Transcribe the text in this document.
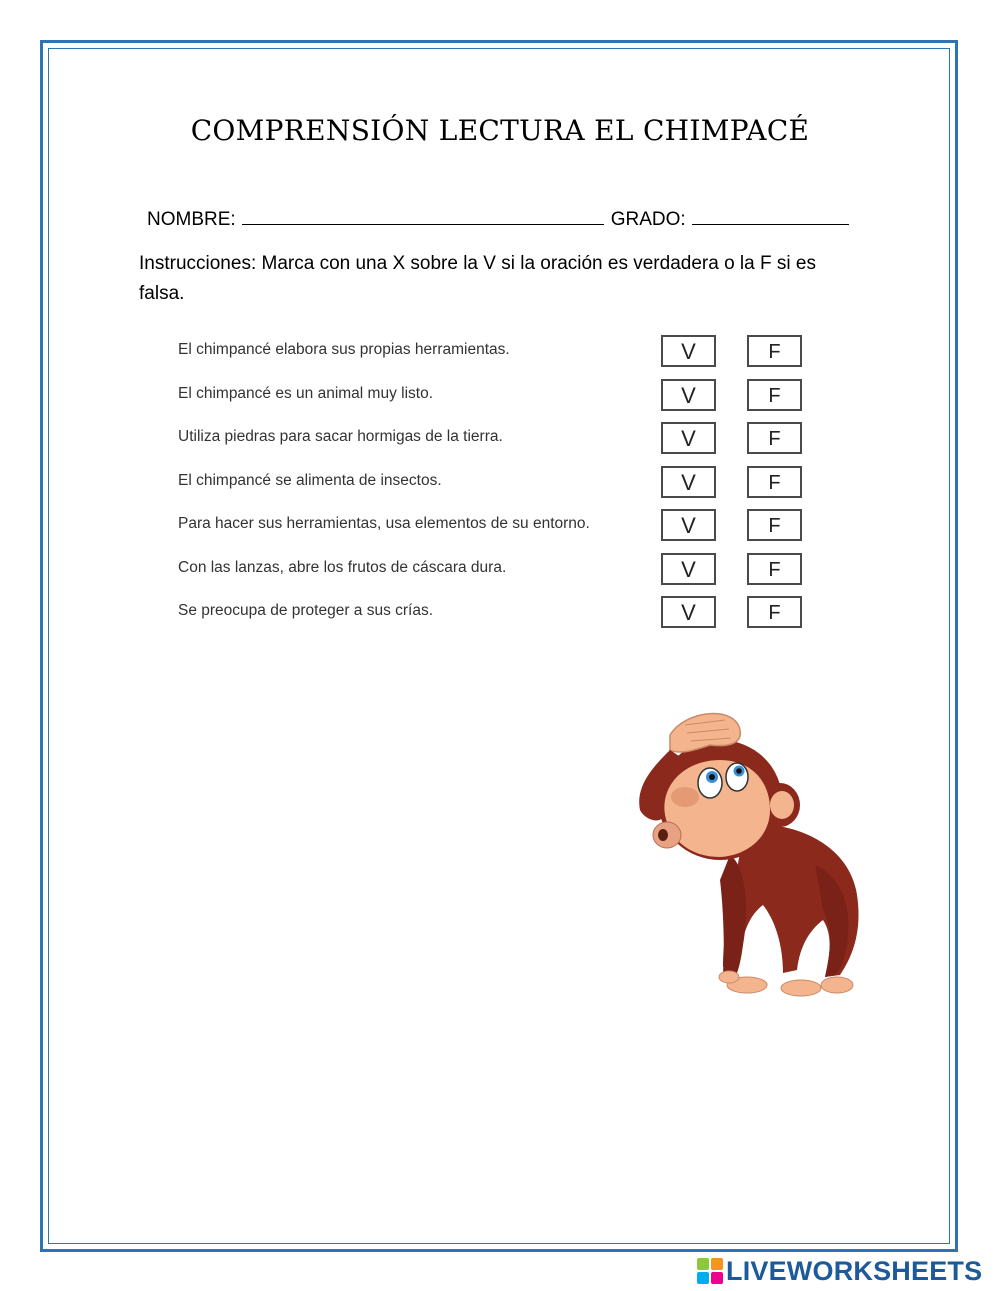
COMPRENSIÓN LECTURA EL CHIMPACÉ
NOMBRE:	GRADO:
Instrucciones: Marca con una X sobre la V si la oración es verdadera o la F si es falsa.
El chimpancé elabora sus propias herramientas.	V	F
El chimpancé es un animal muy listo.	V	F
Utiliza piedras para sacar hormigas de la tierra.	V	F
El chimpancé se alimenta de insectos.	V	F
Para hacer sus herramientas, usa elementos de su entorno.	V	F
Con las lanzas, abre los frutos de cáscara dura.	V	F
Se preocupa de proteger a sus crías.	V	F
LIVEWORKSHEETS
